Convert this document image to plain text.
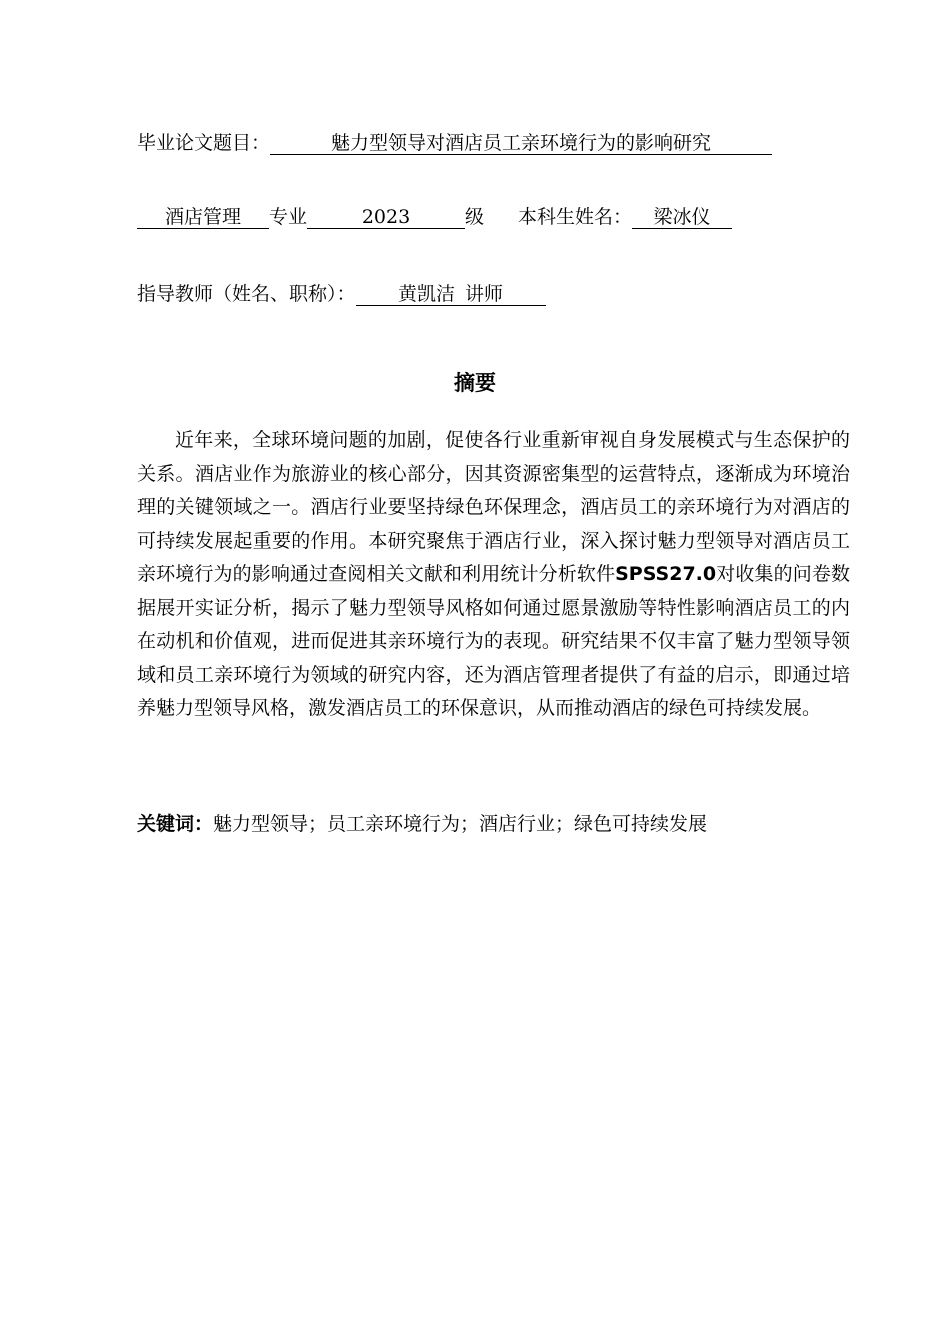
毕业论文题目：	魅力型领导对酒店员工亲环境行为的影响研究
酒店管理 专业	2023	级 本科生姓名： 梁冰仪
指导教师（姓名、职称）： 黄凯洁 讲师
摘要

近年来，全球环境问题的加剧，促使各行业重新审视自身发展模式与生态保护的关系。酒店业作为旅游业的核心部分，因其资源密集型的运营特点，逐渐成为环境治理的关键领域之一。酒店行业要坚持绿色环保理念，酒店员工的亲环境行为对酒店的可持续发展起重要的作用。本研究聚焦于酒店行业，深入探讨魅力型领导对酒店员工亲环境行为的影响通过查阅相关文献和利用统计分析软件SPSS27.0对收集的问卷数据展开实证分析，揭示了魅力型领导风格如何通过愿景激励等特性影响酒店员工的内在动机和价值观，进而促进其亲环境行为的表现。研究结果不仅丰富了魅力型领导领域和员工亲环境行为领域的研究内容，还为酒店管理者提供了有益的启示，即通过培养魅力型领导风格，激发酒店员工的环保意识，从而推动酒店的绿色可持续发展。

关键词：魅力型领导；员工亲环境行为；酒店行业；绿色可持续发展
